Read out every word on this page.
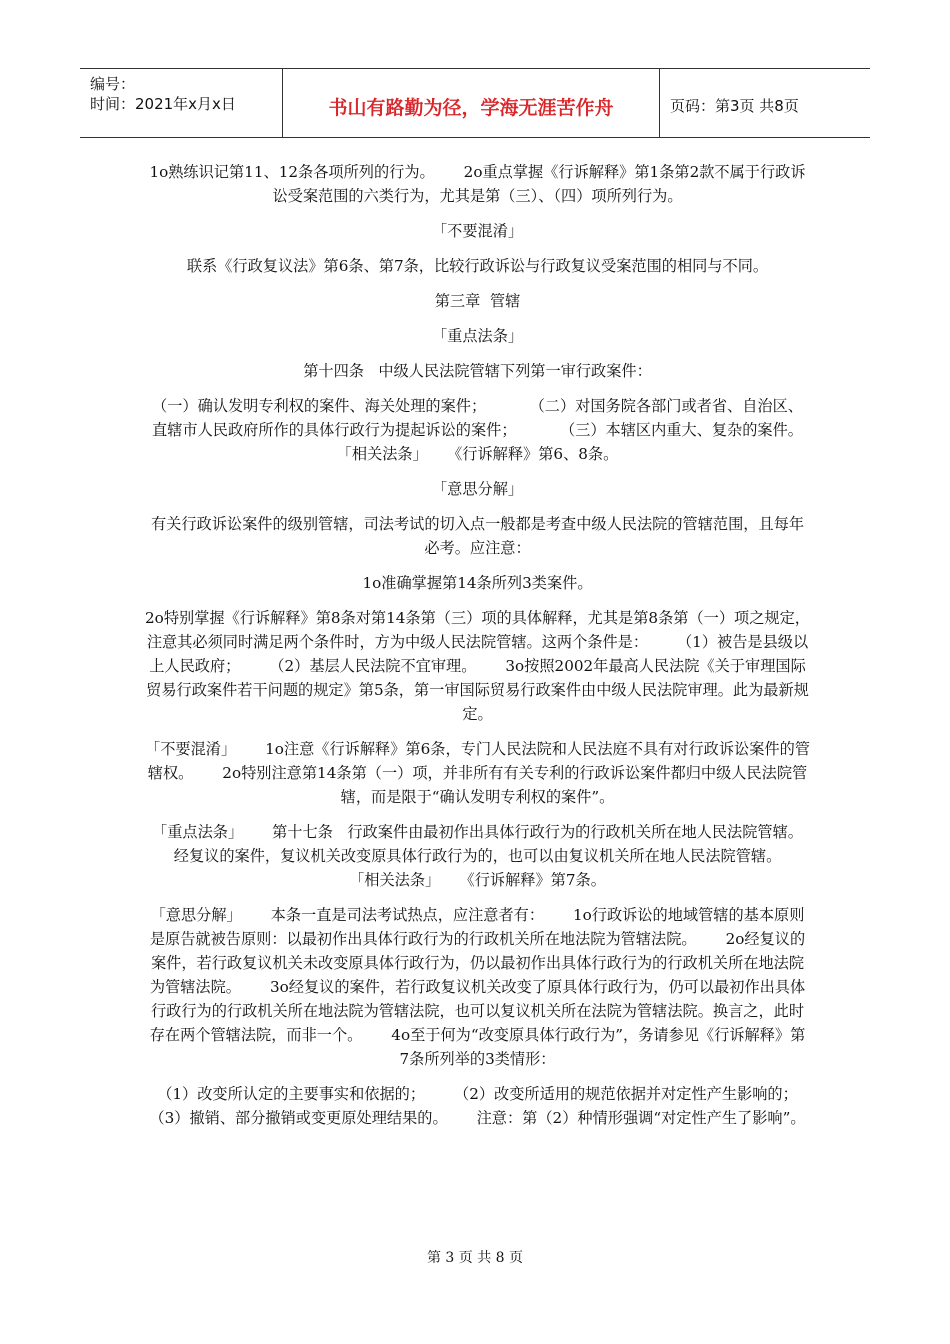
编号：
时间：2021年x月x日	书山有路勤为径，学海无涯苦作舟	页码：第3页 共8页

1o熟练识记第11、12条各项所列的行为。      2o重点掌握《行诉解释》第1条第2款不属于行政诉讼受案范围的六类行为，尤其是第（三）、（四）项所列行为。

「不要混淆」

联系《行政复议法》第6条、第7条，比较行政诉讼与行政复议受案范围的相同与不同。

第三章  管辖

「重点法条」

第十四条   中级人民法院管辖下列第一审行政案件：

（一）确认发明专利权的案件、海关处理的案件；         （二）对国务院各部门或者省、自治区、直辖市人民政府所作的具体行政行为提起诉讼的案件；         （三）本辖区内重大、复杂的案件。      「相关法条」    《行诉解释》第6、8条。

「意思分解」

有关行政诉讼案件的级别管辖，司法考试的切入点一般都是考查中级人民法院的管辖范围，且每年必考。应注意：

1o准确掌握第14条所列3类案件。

2o特别掌握《行诉解释》第8条对第14条第（三）项的具体解释，尤其是第8条第（一）项之规定，注意其必须同时满足两个条件时，方为中级人民法院管辖。这两个条件是：      （1）被告是县级以上人民政府；      （2）基层人民法院不宜审理。      3o按照2002年最高人民法院《关于审理国际贸易行政案件若干问题的规定》第5条，第一审国际贸易行政案件由中级人民法院审理。此为最新规定。

「不要混淆」      1o注意《行诉解释》第6条，专门人民法院和人民法庭不具有对行政诉讼案件的管辖权。      2o特别注意第14条第（一）项，并非所有有关专利的行政诉讼案件都归中级人民法院管辖，而是限于“确认发明专利权的案件”。

「重点法条」      第十七条   行政案件由最初作出具体行政行为的行政机关所在地人民法院管辖。经复议的案件，复议机关改变原具体行政行为的，也可以由复议机关所在地人民法院管辖。      「相关法条」    《行诉解释》第7条。

「意思分解」      本条一直是司法考试热点，应注意者有：      1o行政诉讼的地域管辖的基本原则是原告就被告原则：以最初作出具体行政行为的行政机关所在地法院为管辖法院。      2o经复议的案件，若行政复议机关未改变原具体行政行为，仍以最初作出具体行政行为的行政机关所在地法院为管辖法院。      3o经复议的案件，若行政复议机关改变了原具体行政行为，仍可以最初作出具体行政行为的行政机关所在地法院为管辖法院，也可以复议机关所在法院为管辖法院。换言之，此时存在两个管辖法院，而非一个。      4o至于何为“改变原具体行政行为”，务请参见《行诉解释》第7条所列举的3类情形：

（1）改变所认定的主要事实和依据的；      （2）改变所适用的规范依据并对定性产生影响的；      （3）撤销、部分撤销或变更原处理结果的。      注意：第（2）种情形强调“对定性产生了影响”。

第 3 页 共 8 页
